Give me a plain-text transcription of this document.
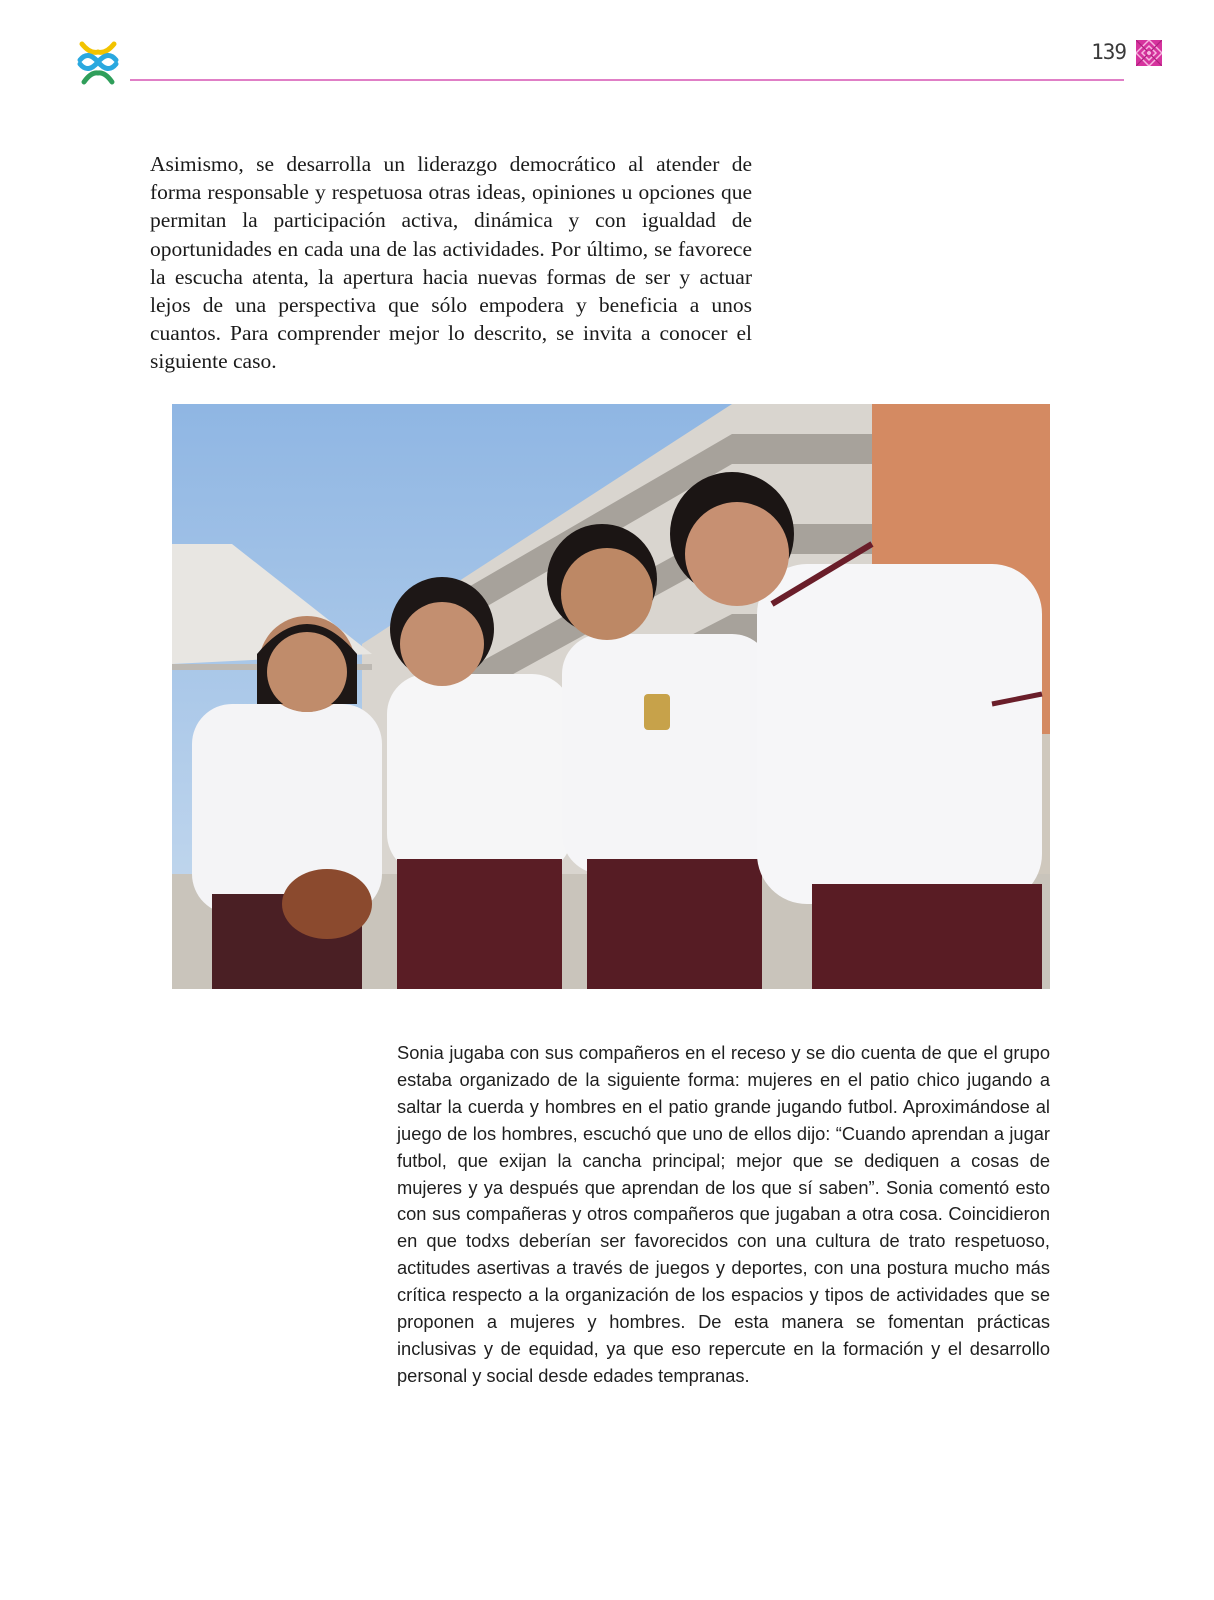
139

Asimismo, se desarrolla un liderazgo democrático al atender de forma responsable y respetuosa otras ideas, opiniones u opciones que permitan la participación activa, dinámica y con igualdad de oportunidades en cada una de las actividades. Por último, se favorece la escucha atenta, la apertura hacia nuevas formas de ser y actuar lejos de una perspectiva que sólo empodera y beneficia a unos cuantos. Para comprender mejor lo descrito, se invita a conocer el siguiente caso.

Sonia jugaba con sus compañeros en el receso y se dio cuenta de que el grupo estaba organizado de la siguiente forma: mujeres en el patio chico jugando a saltar la cuerda y hombres en el patio grande jugando futbol. Aproximándose al juego de los hombres, escuchó que uno de ellos dijo: “Cuando aprendan a jugar futbol, que exijan la cancha principal; mejor que se dediquen a cosas de mujeres y ya después que aprendan de los que sí saben”. Sonia comentó esto con sus compañeras y otros compañeros que jugaban a otra cosa. Coincidieron en que todxs deberían ser favorecidos con una cultura de trato respetuoso, actitudes asertivas a través de juegos y deportes, con una postura mucho más crítica respecto a la organización de los espacios y tipos de actividades que se proponen a mujeres y hombres. De esta manera se fomentan prácticas inclusivas y de equidad, ya que eso repercute en la formación y el desarrollo personal y social desde edades tempranas.
